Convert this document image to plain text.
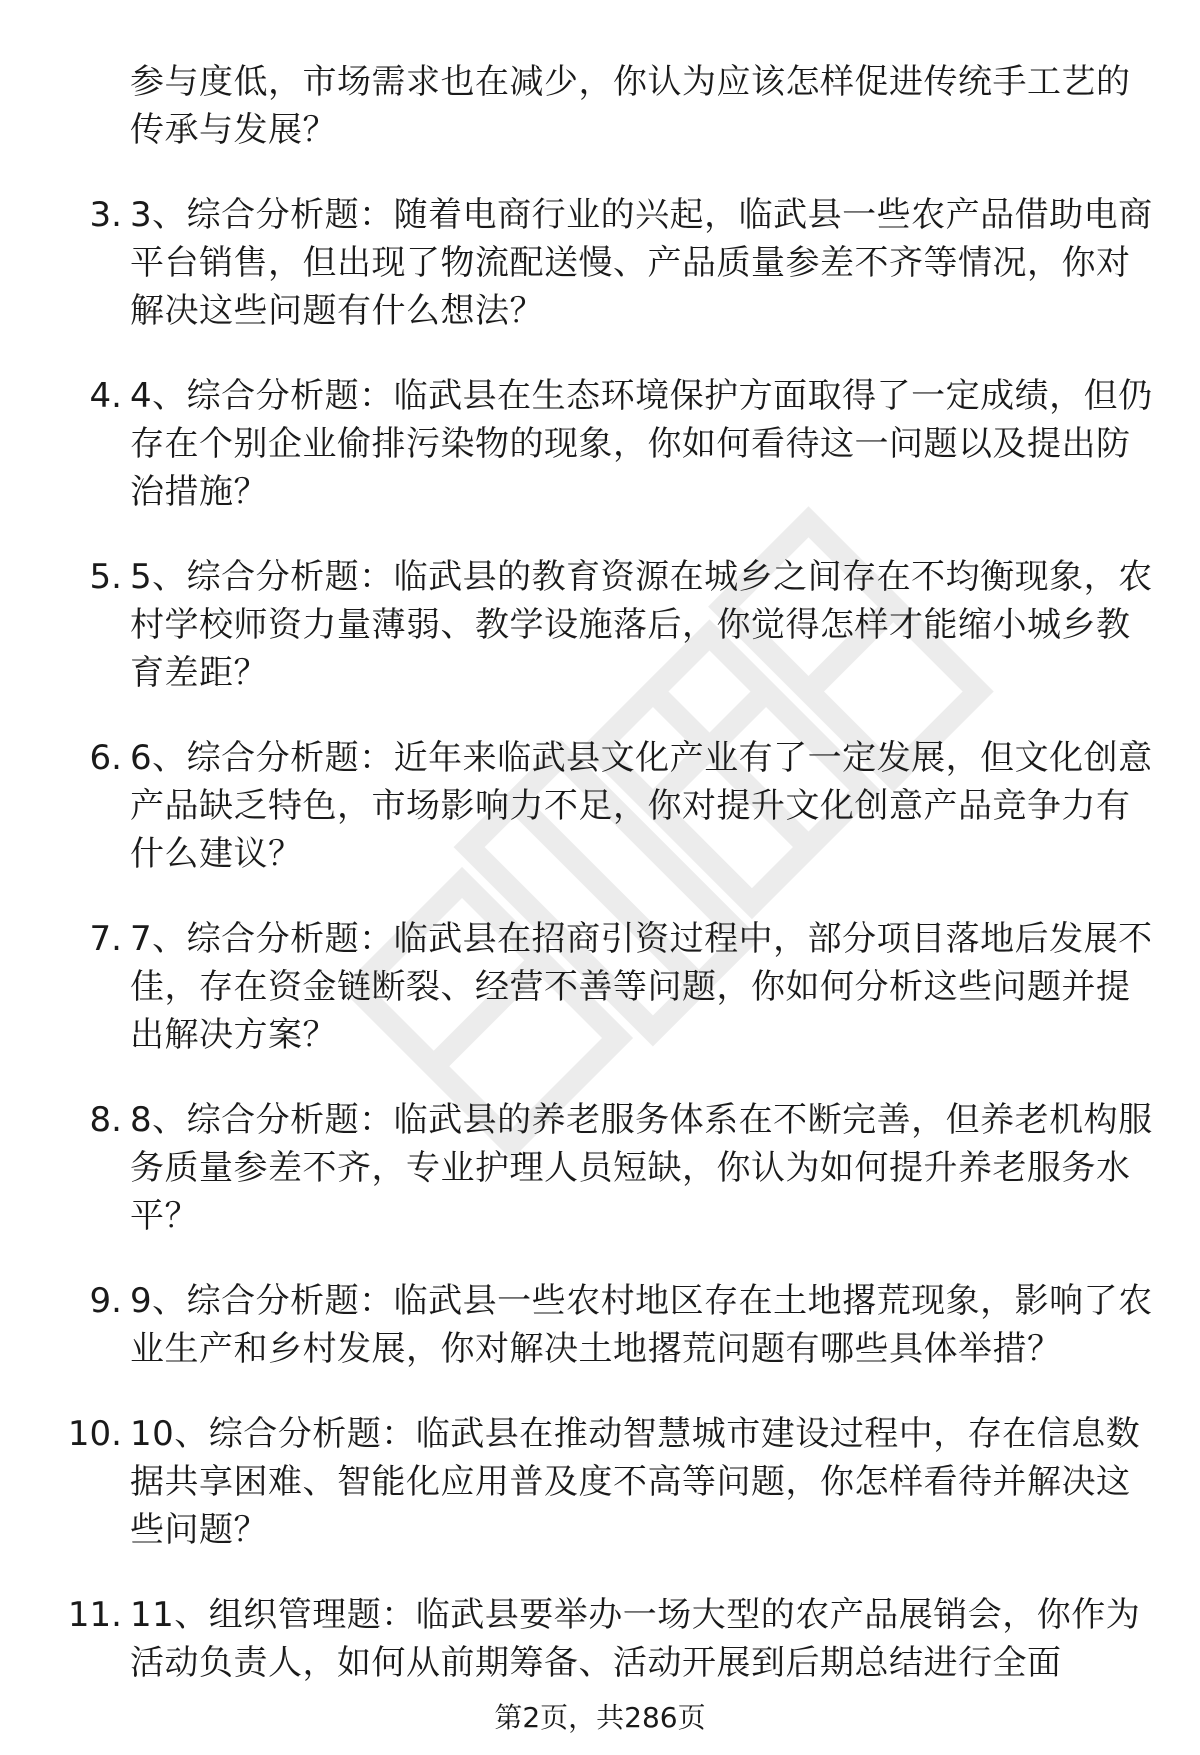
参与度低，市场需求也在减少，你认为应该怎样促进传统手工艺的传承与发展？
3. 3、综合分析题：随着电商行业的兴起，临武县一些农产品借助电商平台销售，但出现了物流配送慢、产品质量参差不齐等情况，你对解决这些问题有什么想法？
4. 4、综合分析题：临武县在生态环境保护方面取得了一定成绩，但仍存在个别企业偷排污染物的现象，你如何看待这一问题以及提出防治措施？
5. 5、综合分析题：临武县的教育资源在城乡之间存在不均衡现象，农村学校师资力量薄弱、教学设施落后，你觉得怎样才能缩小城乡教育差距？
6. 6、综合分析题：近年来临武县文化产业有了一定发展，但文化创意产品缺乏特色，市场影响力不足，你对提升文化创意产品竞争力有什么建议？
7. 7、综合分析题：临武县在招商引资过程中，部分项目落地后发展不佳，存在资金链断裂、经营不善等问题，你如何分析这些问题并提出解决方案？
8. 8、综合分析题：临武县的养老服务体系在不断完善，但养老机构服务质量参差不齐，专业护理人员短缺，你认为如何提升养老服务水平？
9. 9、综合分析题：临武县一些农村地区存在土地撂荒现象，影响了农业生产和乡村发展，你对解决土地撂荒问题有哪些具体举措？
10. 10、综合分析题：临武县在推动智慧城市建设过程中，存在信息数据共享困难、智能化应用普及度不高等问题，你怎样看待并解决这些问题？
11. 11、组织管理题：临武县要举办一场大型的农产品展销会，你作为活动负责人，如何从前期筹备、活动开展到后期总结进行全面
第2页，共286页
